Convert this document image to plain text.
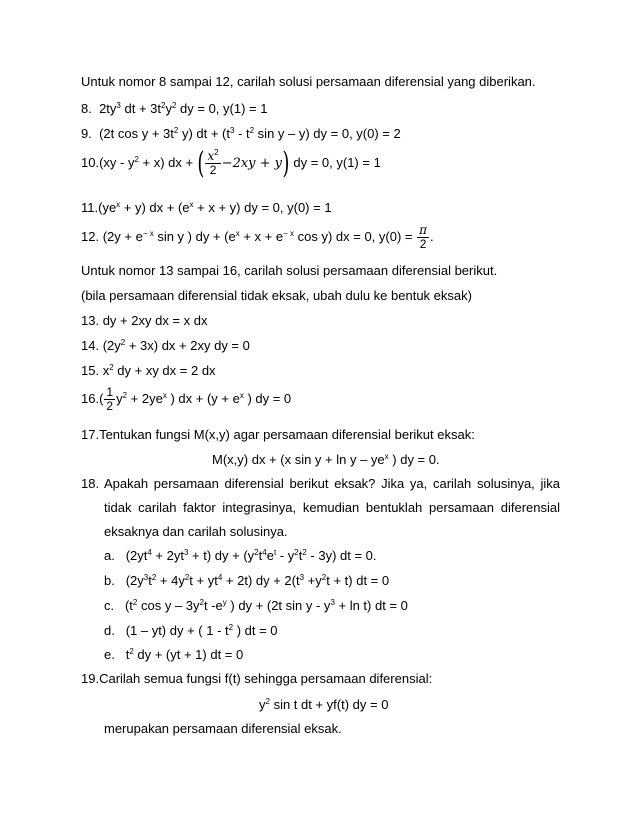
Untuk nomor 8 sampai 12, carilah solusi persamaan diferensial yang diberikan.
8. $2ty^3$ dt + $3t^2y^2$ dy = 0, y(1) = 1
9. (2t $\cos y + 3t^2$ y) dt + ($t^3 - t^2$ sin y – y) dy = 0, y(0) = 2
$10.(xy - y^2 + x)$ dx + ( $\frac{x^2}{2} -2xy + y$) dy = 0, y(1) = 1
$11.(ye^x + y)$ dx + $(e^x + x + y)$ dy = 0, y(0) = 1
12. ($2y + e^{- x}$ sin y ) dy + ($e^x + x + e^{- x}$ cos y) dx = 0, $y(0) = \frac{\pi}{2}$ .
Untuk nomor 13 sampai 16, carilah solusi persamaan diferensial berikut.
(bila persamaan diferensial tidak eksak, ubah dulu ke bentuk eksak)
13. dy + 2xy dx = x dx
14. $(2y^2 + 3x)$ dx + 2xy dy = 0
15. $x^2$ dy + xy dx = 2 dx
$16.( \frac{1}{2} y^2 + 2ye^x$ ) dx + ($y + e^x$ ) dy = 0
17.Tentukan fungsi M(x,y) agar persamaan diferensial berikut eksak:
M(x,y) dx + (x $\sin y + \ln y - ye^x$ ) dy = 0.
18. Apakah persamaan diferensial berikut eksak? Jika ya, carilah solusinya, jika
tidak carilah faktor integrasinya, kemudian bentuklah persamaan diferensial
eksaknya dan carilah solusinya.
a. $(2yt^4 + 2yt^3 + t)$ dy + $(y^2t^4e^t - y^2t^2 - 3y)$ dt = 0.
b. $(2y^3t^2 + 4y^2t + yt^4 + 2t)$ dy + $2(t^3 +y^2t + t)$ dt = 0
c. ($t^2$ cos y – $3y^2t$ $-e^y$ ) dy + (2t $\sin y - y^3 + \ln t$) dt = 0
d. (1 – yt) dy + ( $1 - t^2$ ) dt = 0
e. $t^2$ dy + (yt + 1) dt = 0
19.Carilah semua fungsi f(t) sehingga persamaan diferensial:
$y^2$ sin t dt + yf(t) dy = 0
merupakan persamaan diferensial eksak.
